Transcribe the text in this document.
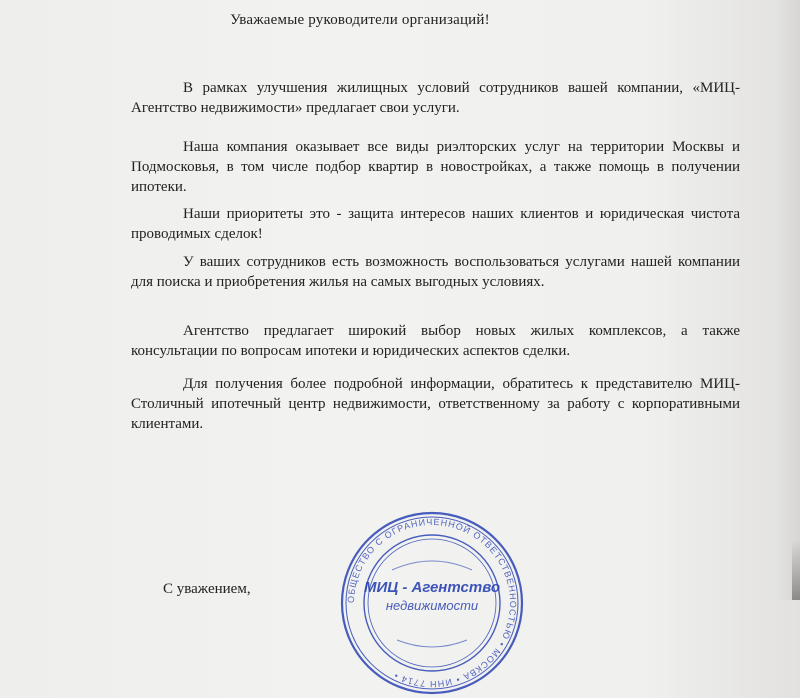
Уважаемые руководители организаций!

В рамках улучшения жилищных условий сотрудников вашей компании, «МИЦ-Агентство недвижимости» предлагает свои услуги.

Наша компания оказывает все виды риэлторских услуг на территории Москвы и Подмосковья, в том числе подбор квартир в новостройках, а также помощь в получении ипотеки.

Наши приоритеты это - защита интересов наших клиентов и юридическая чистота проводимых сделок!

У ваших сотрудников есть возможность воспользоваться услугами нашей компании для поиска и приобретения жилья на самых выгодных условиях.

Агентство предлагает широкий выбор новых жилых комплексов, а также консультации по вопросам ипотеки и юридических аспектов сделки.

Для получения более подробной информации, обратитесь к представителю МИЦ-Столичный ипотечный центр недвижимости, ответственному за работу с корпоративными клиентами.

С уважением,

ОБЩЕСТВО С ОГРАНИЧЕННОЙ ОТВЕТСТВЕННОСТЬЮ • МОСКВА • ИНН 7714 •
МИЦ - Агентство
недвижимости
